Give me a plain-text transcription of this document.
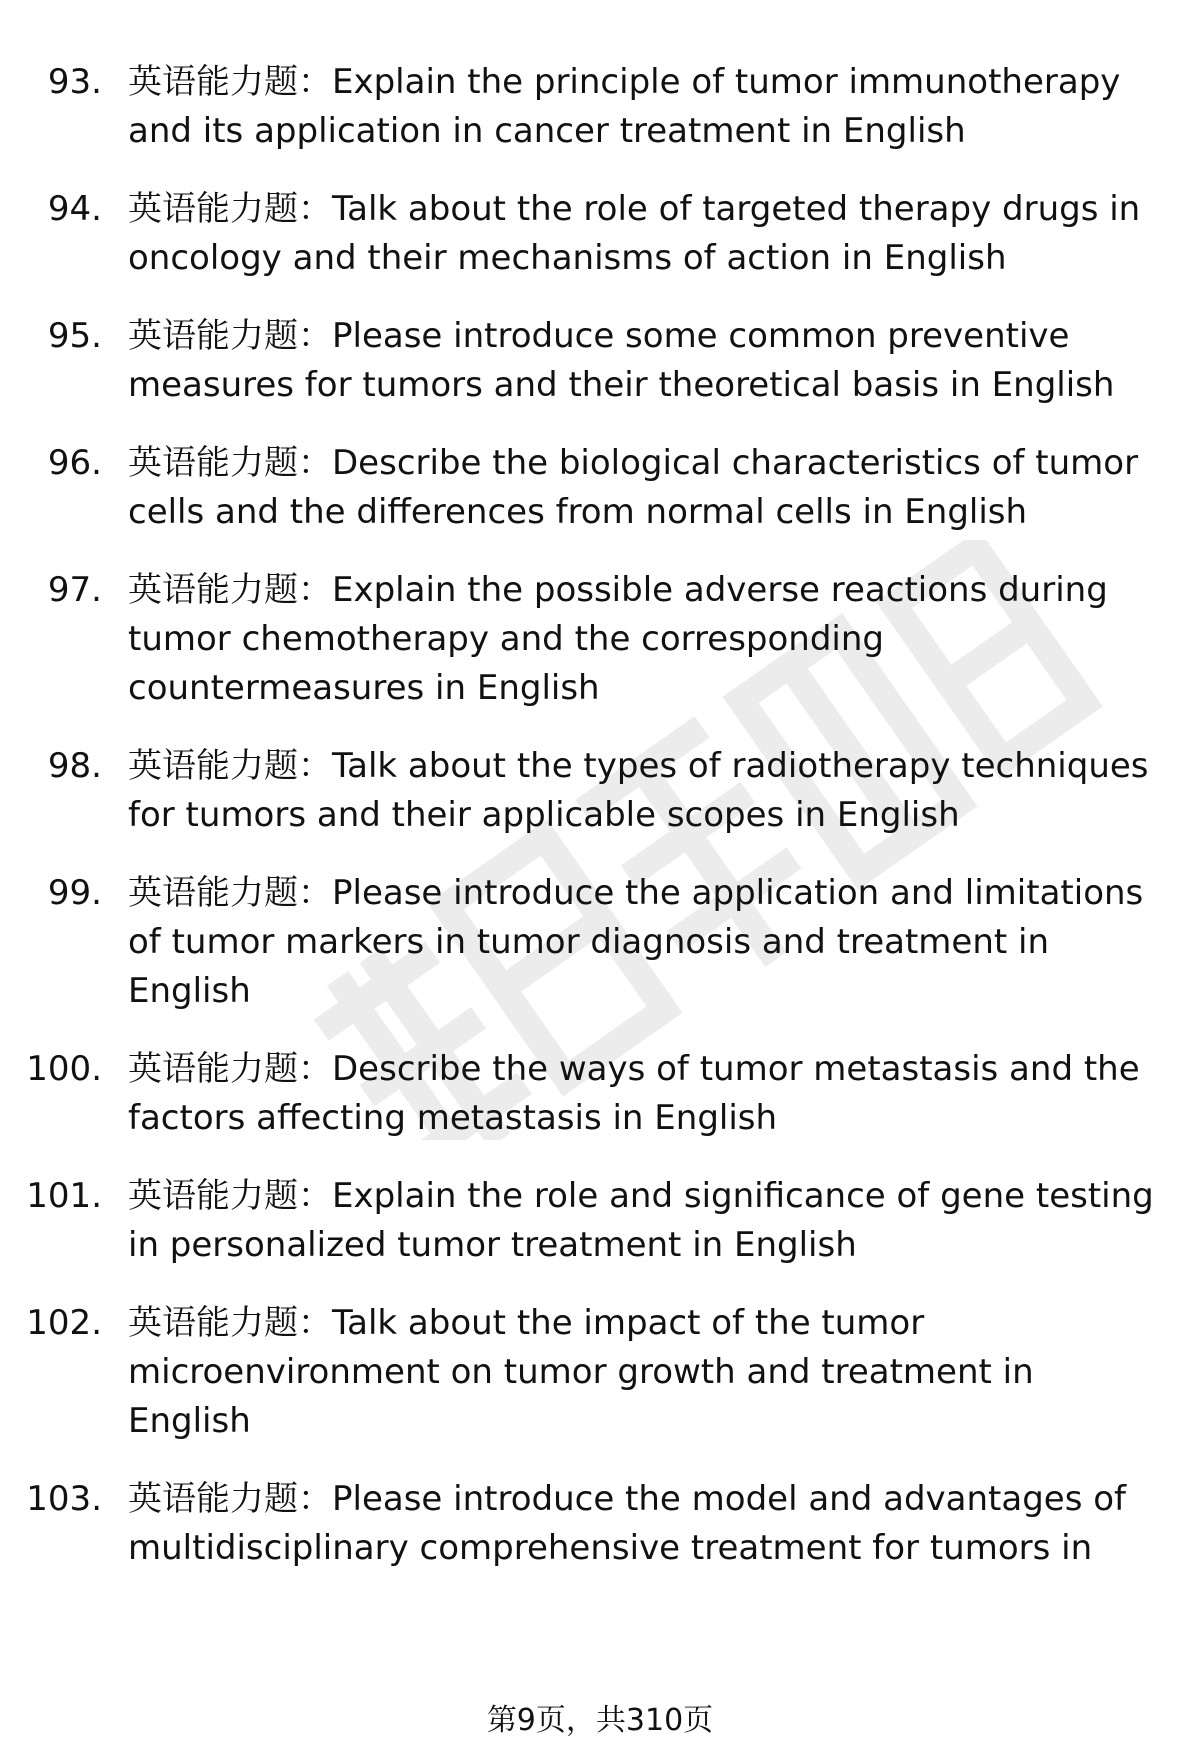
93. 英语能力题：Explain the principle of tumor immunotherapy and its application in cancer treatment in English
94. 英语能力题：Talk about the role of targeted therapy drugs in oncology and their mechanisms of action in English
95. 英语能力题：Please introduce some common preventive measures for tumors and their theoretical basis in English
96. 英语能力题：Describe the biological characteristics of tumor cells and the differences from normal cells in English
97. 英语能力题：Explain the possible adverse reactions during tumor chemotherapy and the corresponding countermeasures in English
98. 英语能力题：Talk about the types of radiotherapy techniques for tumors and their applicable scopes in English
99. 英语能力题：Please introduce the application and limitations of tumor markers in tumor diagnosis and treatment in English
100. 英语能力题：Describe the ways of tumor metastasis and the factors affecting metastasis in English
101. 英语能力题：Explain the role and significance of gene testing in personalized tumor treatment in English
102. 英语能力题：Talk about the impact of the tumor microenvironment on tumor growth and treatment in English
103. 英语能力题：Please introduce the model and advantages of multidisciplinary comprehensive treatment for tumors in
第9页，共310页
